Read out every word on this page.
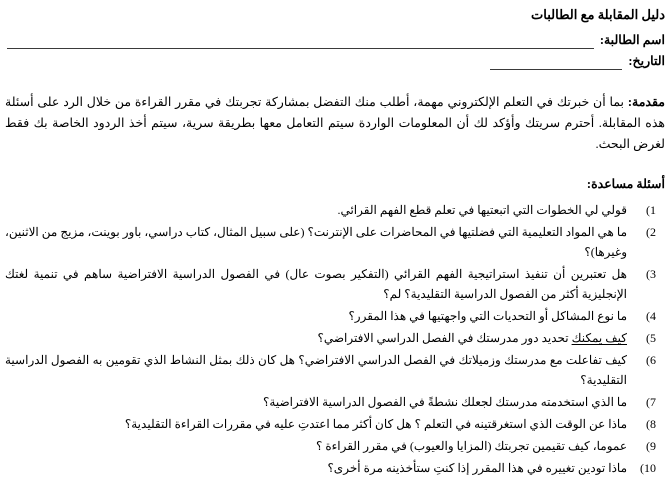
دليل المقابلة مع الطالبات
اسم الطالبة:
التاريخ:
مقدمة: بما أن خبرتك في التعلم الإلكتروني مهمة، أطلب منك التفضل بمشاركة تجربتك في مقرر القراءة من خلال الرد على أسئلة هذه المقابلة. أحترم سريتك وأؤكد لك أن المعلومات الواردة سيتم التعامل معها بطريقة سرية، سيتم أخذ الردود الخاصة بك فقط لغرض البحث.
أسئلة مساعدة:
1)
قولي لي الخطوات التي اتبعتيها في تعلم قطع الفهم القرائي.
2)
ما هي المواد التعليمية التي فضلتيها في المحاضرات على الإنترنت؟ (على سبيل المثال، كتاب دراسي، باور بوينت، مزيج من الاثنين، وغيرها)؟
3)
هل تعتبرين أن تنفيذ استراتيجية الفهم القرائي (التفكير بصوت عال) في الفصول الدراسية الافتراضية ساهم في تنمية لغتك الإنجليزية أكثر من الفصول الدراسية التقليدية؟ لم؟
4)
ما نوع المشاكل أو التحديات التي واجهتيها في هذا المقرر؟
5)
كيف يمكنك تحديد دور مدرستك في الفصل الدراسي الافتراضي؟
6)
كيف تفاعلت مع مدرستك وزميلاتك في الفصل الدراسي الافتراضي؟ هل كان ذلك بمثل النشاط الذي تقومين به الفصول الدراسية التقليدية؟
7)
ما الذي استخدمته مدرستك لجعلك نشطةً في الفصول الدراسية الافتراضية؟
8)
ماذا عن الوقت الذي استغرقتينه في التعلم ؟ هل كان أكثر مما اعتدتِ عليه في مقررات القراءة التقليدية؟
9)
عموما، كيف تقيمين تجربتك (المزايا والعيوب) في مقرر القراءة ؟
10)
ماذا تودين تغييره في هذا المقرر إذا كنتِ ستأخذينه مرة أخرى؟
